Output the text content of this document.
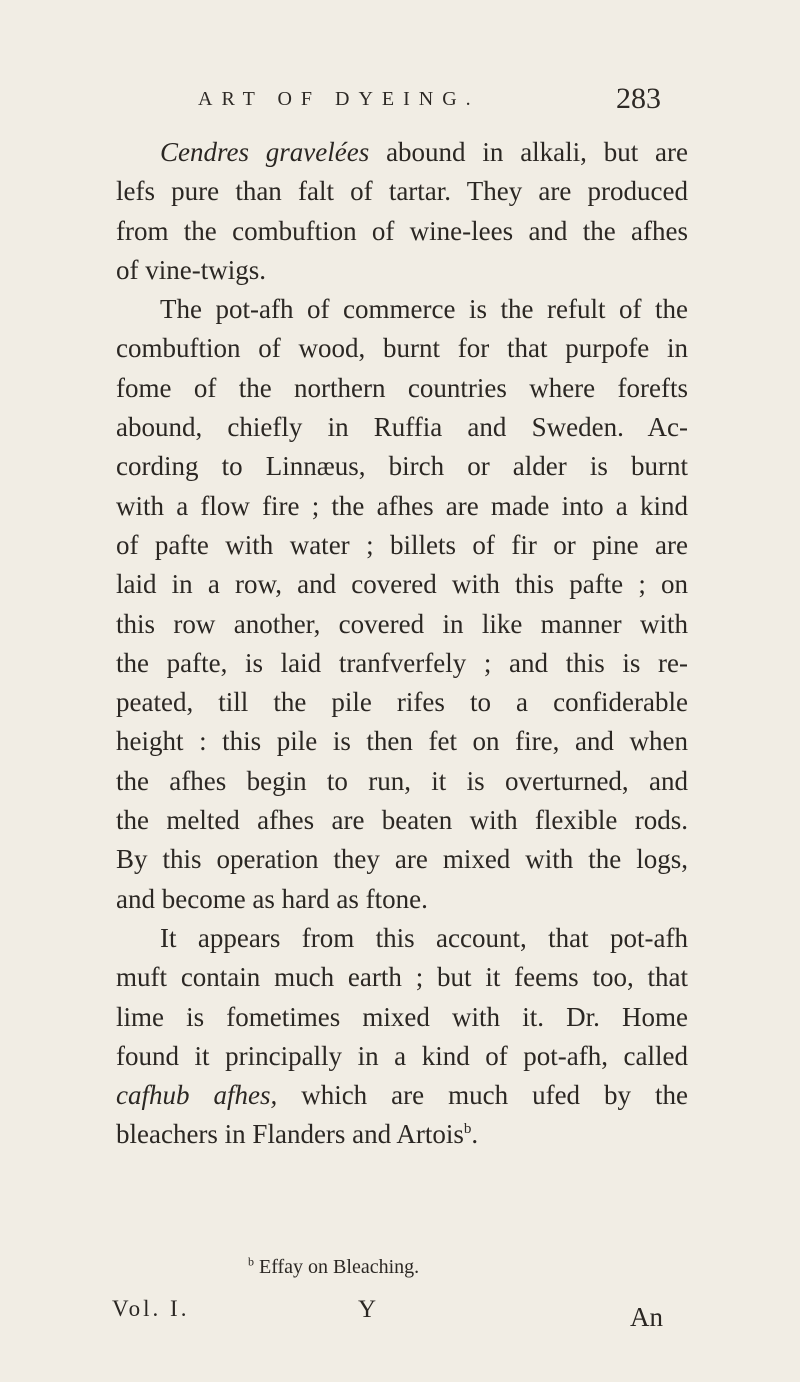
ART OF DYEING.	283
Cendres gravelées abound in alkali, but are
lefs pure than falt of tartar. They are produced
from the combuftion of wine-lees and the afhes
of vine-twigs.
The pot-afh of commerce is the refult of the
combuftion of wood, burnt for that purpofe in
fome of the northern countries where forefts
abound, chiefly in Ruffia and Sweden. Ac-
cording to Linnæus, birch or alder is burnt
with a flow fire ; the afhes are made into a kind
of pafte with water ; billets of fir or pine are
laid in a row, and covered with this pafte ; on
this row another, covered in like manner with
the pafte, is laid tranfverfely ; and this is re-
peated, till the pile rifes to a confiderable
height : this pile is then fet on fire, and when
the afhes begin to run, it is overturned, and
the melted afhes are beaten with flexible rods.
By this operation they are mixed with the logs,
and become as hard as ftone.
It appears from this account, that pot-afh
muft contain much earth ; but it feems too, that
lime is fometimes mixed with it. Dr. Home
found it principally in a kind of pot-afh, called
cafhub afhes, which are much ufed by the
bleachers in Flanders and Artois$^b$.
$^b$ Effay on Bleaching.
Vol. I.	Y	An
